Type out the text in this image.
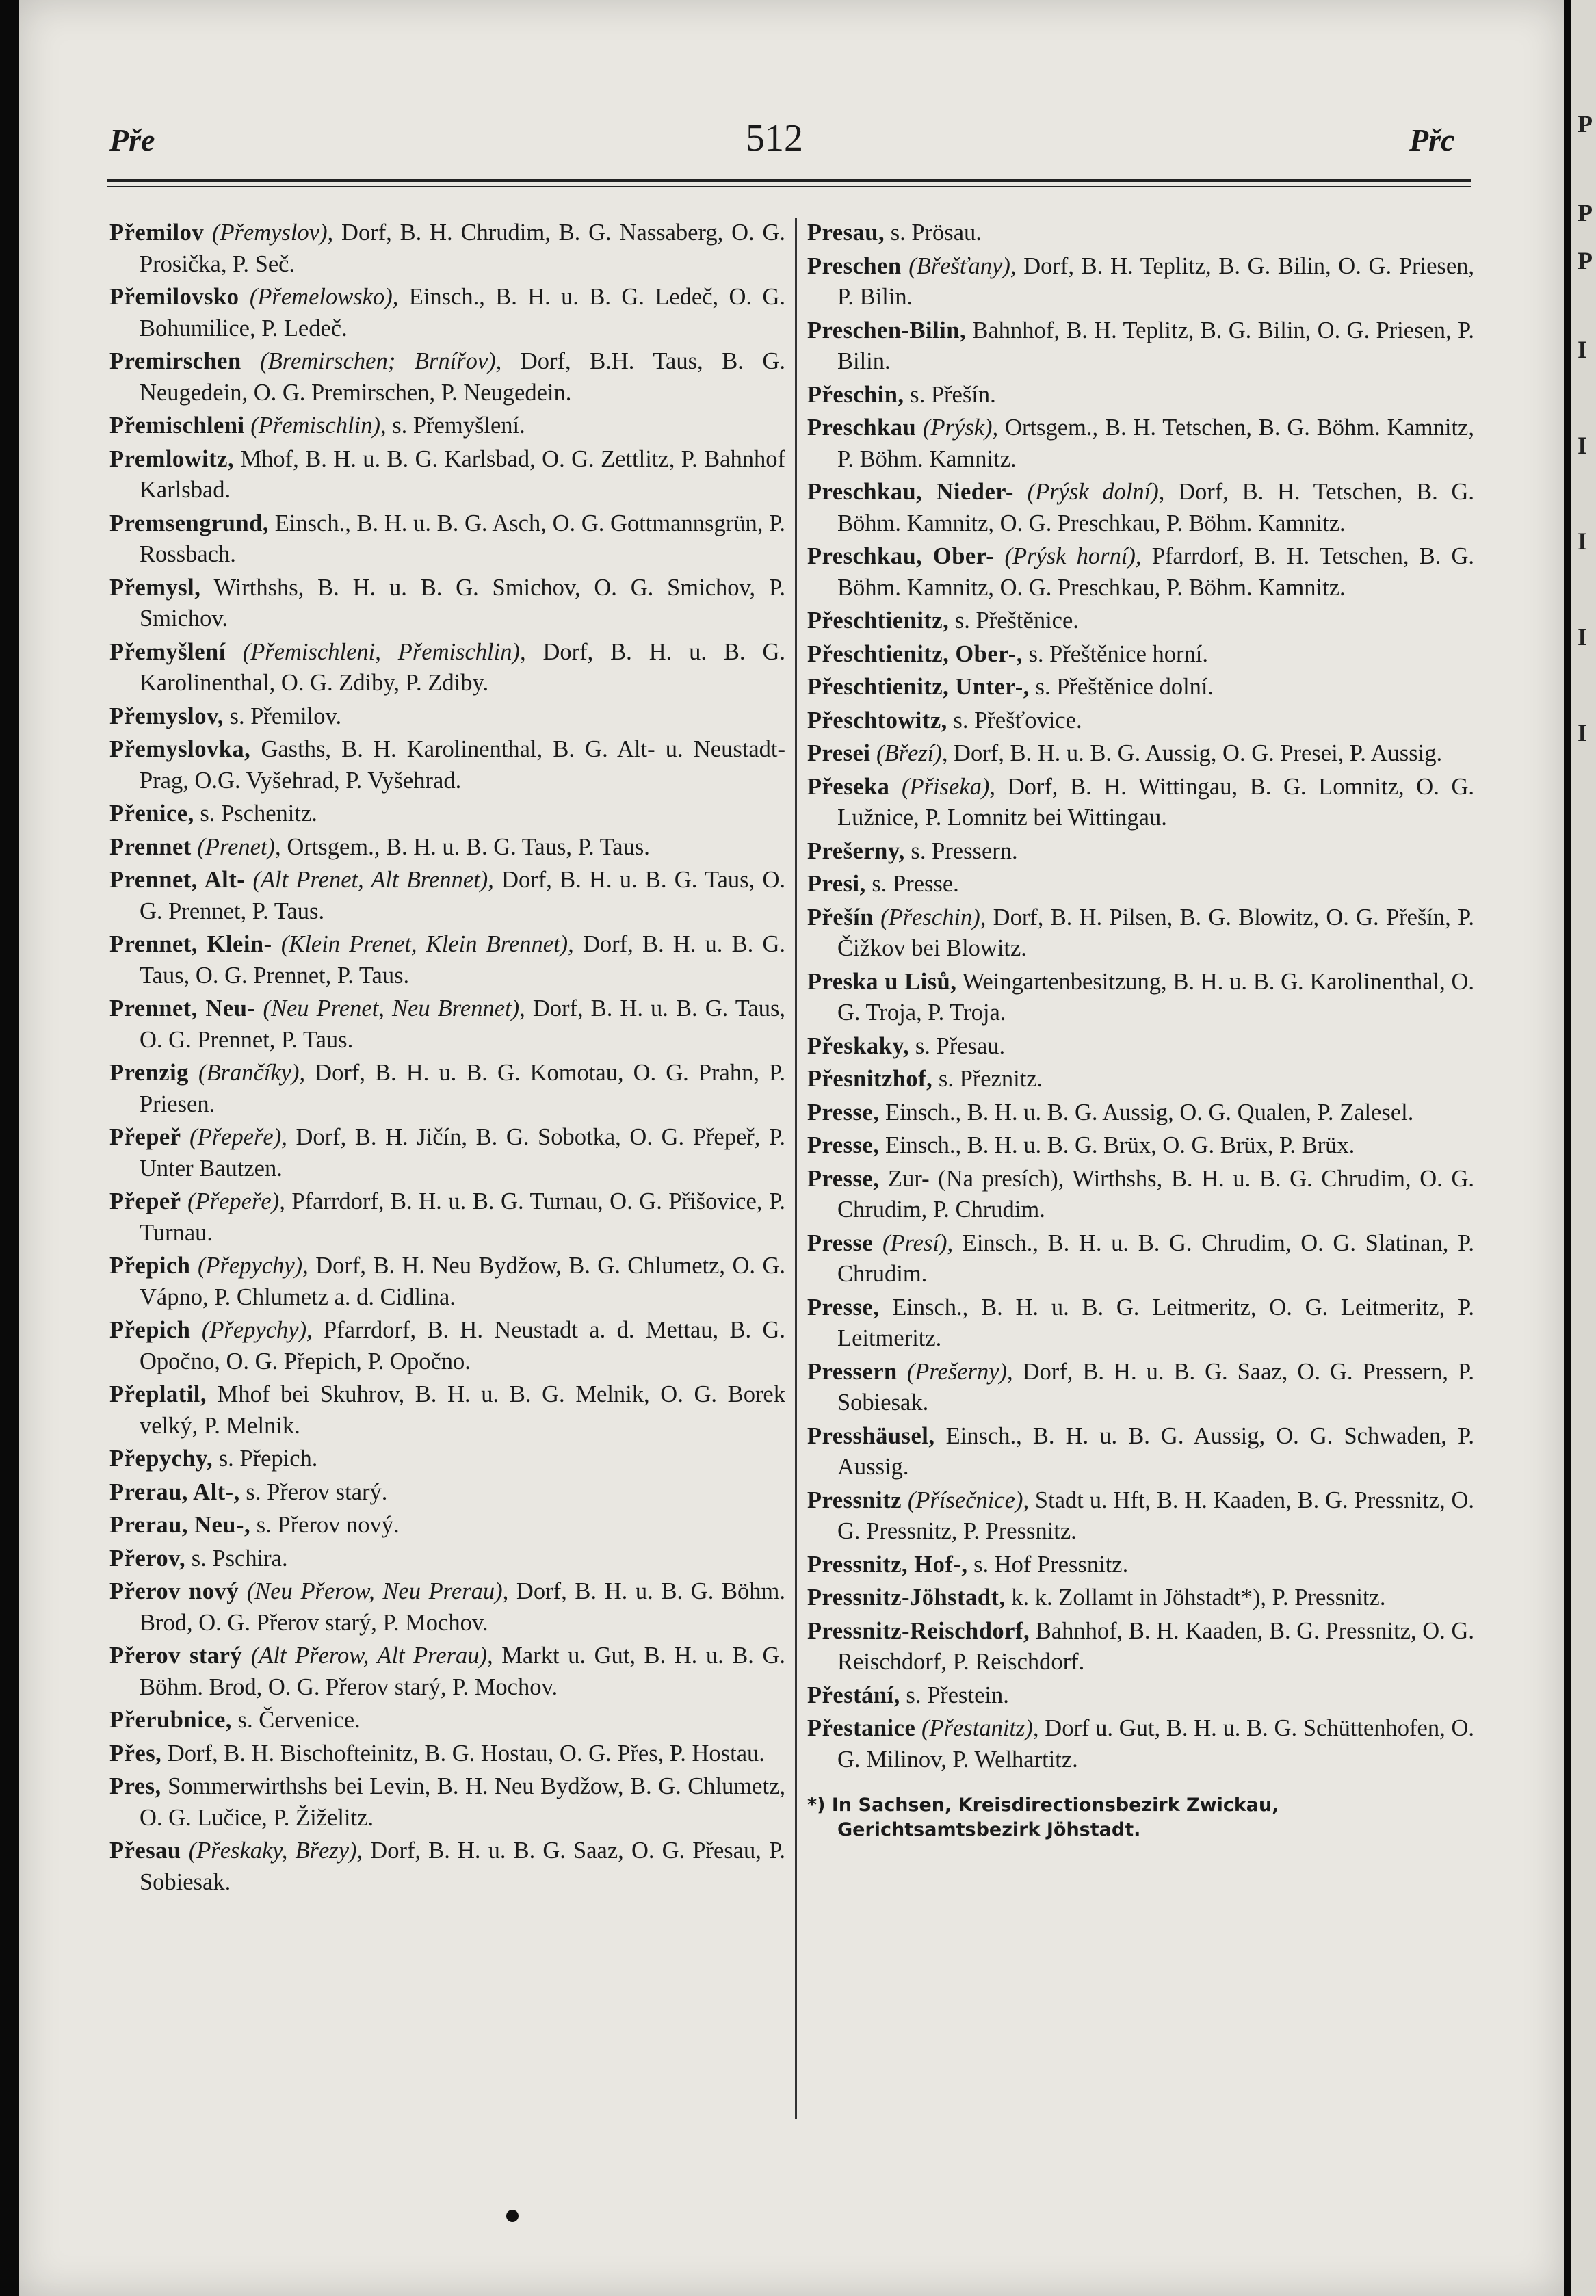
P
P
P
I
I
I
I
I
Přе	512	Přc

Přemilov (Přemyslov), Dorf, B. H. Chrudim, B. G. Nassaberg, O. G. Prosička, P. Seč.

Přemilovsko (Přemelowsko), Einsch., B. H. u. B. G. Ledeč, O. G. Bohumilice, P. Ledeč.

Premirschen (Bremirschen; Brnířov), Dorf, B.H. Taus, B. G. Neugedein, O. G. Premirschen, P. Neugedein.

Přemischleni (Přemischlin), s. Přemyšlení.

Premlowitz, Mhof, B. H. u. B. G. Karlsbad, O. G. Zettlitz, P. Bahnhof Karlsbad.

Premsengrund, Einsch., B. H. u. B. G. Asch, O. G. Gottmannsgrün, P. Rossbach.

Přemysl, Wirthshs, B. H. u. B. G. Smichov, O. G. Smichov, P. Smichov.

Přemyšlení (Přemischleni, Přemischlin), Dorf, B. H. u. B. G. Karolinenthal, O. G. Zdiby, P. Zdiby.

Přemyslov, s. Přemilov.

Přemyslovka, Gasths, B. H. Karolinenthal, B. G. Alt- u. Neustadt-Prag, O.G. Vyšehrad, P. Vyšehrad.

Přenice, s. Pschenitz.

Prennet (Prenet), Ortsgem., B. H. u. B. G. Taus, P. Taus.

Prennet, Alt- (Alt Prenet, Alt Brennet), Dorf, B. H. u. B. G. Taus, O. G. Prennet, P. Taus.

Prennet, Klein- (Klein Prenet, Klein Brennet), Dorf, B. H. u. B. G. Taus, O. G. Prennet, P. Taus.

Prennet, Neu- (Neu Prenet, Neu Brennet), Dorf, B. H. u. B. G. Taus, O. G. Prennet, P. Taus.

Prenzig (Brančíky), Dorf, B. H. u. B. G. Komotau, O. G. Prahn, P. Priesen.

Přepeř (Přepeře), Dorf, B. H. Jičín, B. G. Sobotka, O. G. Přepeř, P. Unter Bautzen.

Přepeř (Přepeře), Pfarrdorf, B. H. u. B. G. Turnau, O. G. Přišovice, P. Turnau.

Přepich (Přepychy), Dorf, B. H. Neu Bydžow, B. G. Chlumetz, O. G. Vápno, P. Chlumetz a. d. Cidlina.

Přepich (Přepychy), Pfarrdorf, B. H. Neustadt a. d. Mettau, B. G. Opočno, O. G. Přepich, P. Opočno.

Přeplatil, Mhof bei Skuhrov, B. H. u. B. G. Melnik, O. G. Borek velký, P. Melnik.

Přepychy, s. Přepich.

Prerau, Alt-, s. Přerov starý.

Prerau, Neu-, s. Přerov nový.

Přerov, s. Pschira.

Přerov nový (Neu Přerow, Neu Prerau), Dorf, B. H. u. B. G. Böhm. Brod, O. G. Přerov starý, P. Mochov.

Přerov starý (Alt Přerow, Alt Prerau), Markt u. Gut, B. H. u. B. G. Böhm. Brod, O. G. Přerov starý, P. Mochov.

Přerubnice, s. Červenice.

Přes, Dorf, B. H. Bischofteinitz, B. G. Hostau, O. G. Přes, P. Hostau.

Pres, Sommerwirthshs bei Levin, B. H. Neu Bydžow, B. G. Chlumetz, O. G. Lučice, P. Žiželitz.

Přesau (Přeskaky, Březy), Dorf, B. H. u. B. G. Saaz, O. G. Přesau, P. Sobiesak.

Presau, s. Prösau.

Preschen (Břešťany), Dorf, B. H. Teplitz, B. G. Bilin, O. G. Priesen, P. Bilin.

Preschen-Bilin, Bahnhof, B. H. Teplitz, B. G. Bilin, O. G. Priesen, P. Bilin.

Přeschin, s. Přešín.

Preschkau (Prýsk), Ortsgem., B. H. Tetschen, B. G. Böhm. Kamnitz, P. Böhm. Kamnitz.

Preschkau, Nieder- (Prýsk dolní), Dorf, B. H. Tetschen, B. G. Böhm. Kamnitz, O. G. Preschkau, P. Böhm. Kamnitz.

Preschkau, Ober- (Prýsk horní), Pfarrdorf, B. H. Tetschen, B. G. Böhm. Kamnitz, O. G. Preschkau, P. Böhm. Kamnitz.

Přeschtienitz, s. Přeštěnice.

Přeschtienitz, Ober-, s. Přeštěnice horní.

Přeschtienitz, Unter-, s. Přeštěnice dolní.

Přeschtowitz, s. Přešťovice.

Presei (Březí), Dorf, B. H. u. B. G. Aussig, O. G. Presei, P. Aussig.

Přeseka (Přiseka), Dorf, B. H. Wittingau, B. G. Lomnitz, O. G. Lužnice, P. Lomnitz bei Wittingau.

Prešerny, s. Pressern.

Presi, s. Presse.

Přešín (Přeschin), Dorf, B. H. Pilsen, B. G. Blowitz, O. G. Přešín, P. Čižkov bei Blowitz.

Preska u Lisů, Weingartenbesitzung, B. H. u. B. G. Karolinenthal, O. G. Troja, P. Troja.

Přeskaky, s. Přesau.

Přesnitzhof, s. Přeznitz.

Presse, Einsch., B. H. u. B. G. Aussig, O. G. Qualen, P. Zalesel.

Presse, Einsch., B. H. u. B. G. Brüx, O. G. Brüx, P. Brüx.

Presse, Zur- (Na presích), Wirthshs, B. H. u. B. G. Chrudim, O. G. Chrudim, P. Chrudim.

Presse (Presí), Einsch., B. H. u. B. G. Chrudim, O. G. Slatinan, P. Chrudim.

Presse, Einsch., B. H. u. B. G. Leitmeritz, O. G. Leitmeritz, P. Leitmeritz.

Pressern (Prešerny), Dorf, B. H. u. B. G. Saaz, O. G. Pressern, P. Sobiesak.

Presshäusel, Einsch., B. H. u. B. G. Aussig, O. G. Schwaden, P. Aussig.

Pressnitz (Přísečnice), Stadt u. Hft, B. H. Kaaden, B. G. Pressnitz, O. G. Pressnitz, P. Pressnitz.

Pressnitz, Hof-, s. Hof Pressnitz.

Pressnitz-Jöhstadt, k. k. Zollamt in Jöhstadt*), P. Pressnitz.

Pressnitz-Reischdorf, Bahnhof, B. H. Kaaden, B. G. Pressnitz, O. G. Reischdorf, P. Reischdorf.

Přestání, s. Přestein.

Přestanice (Přestanitz), Dorf u. Gut, B. H. u. B. G. Schüttenhofen, O. G. Milinov, P. Welhartitz.

*) In Sachsen, Kreisdirectionsbezirk Zwickau, Gerichtsamtsbezirk Jöhstadt.
